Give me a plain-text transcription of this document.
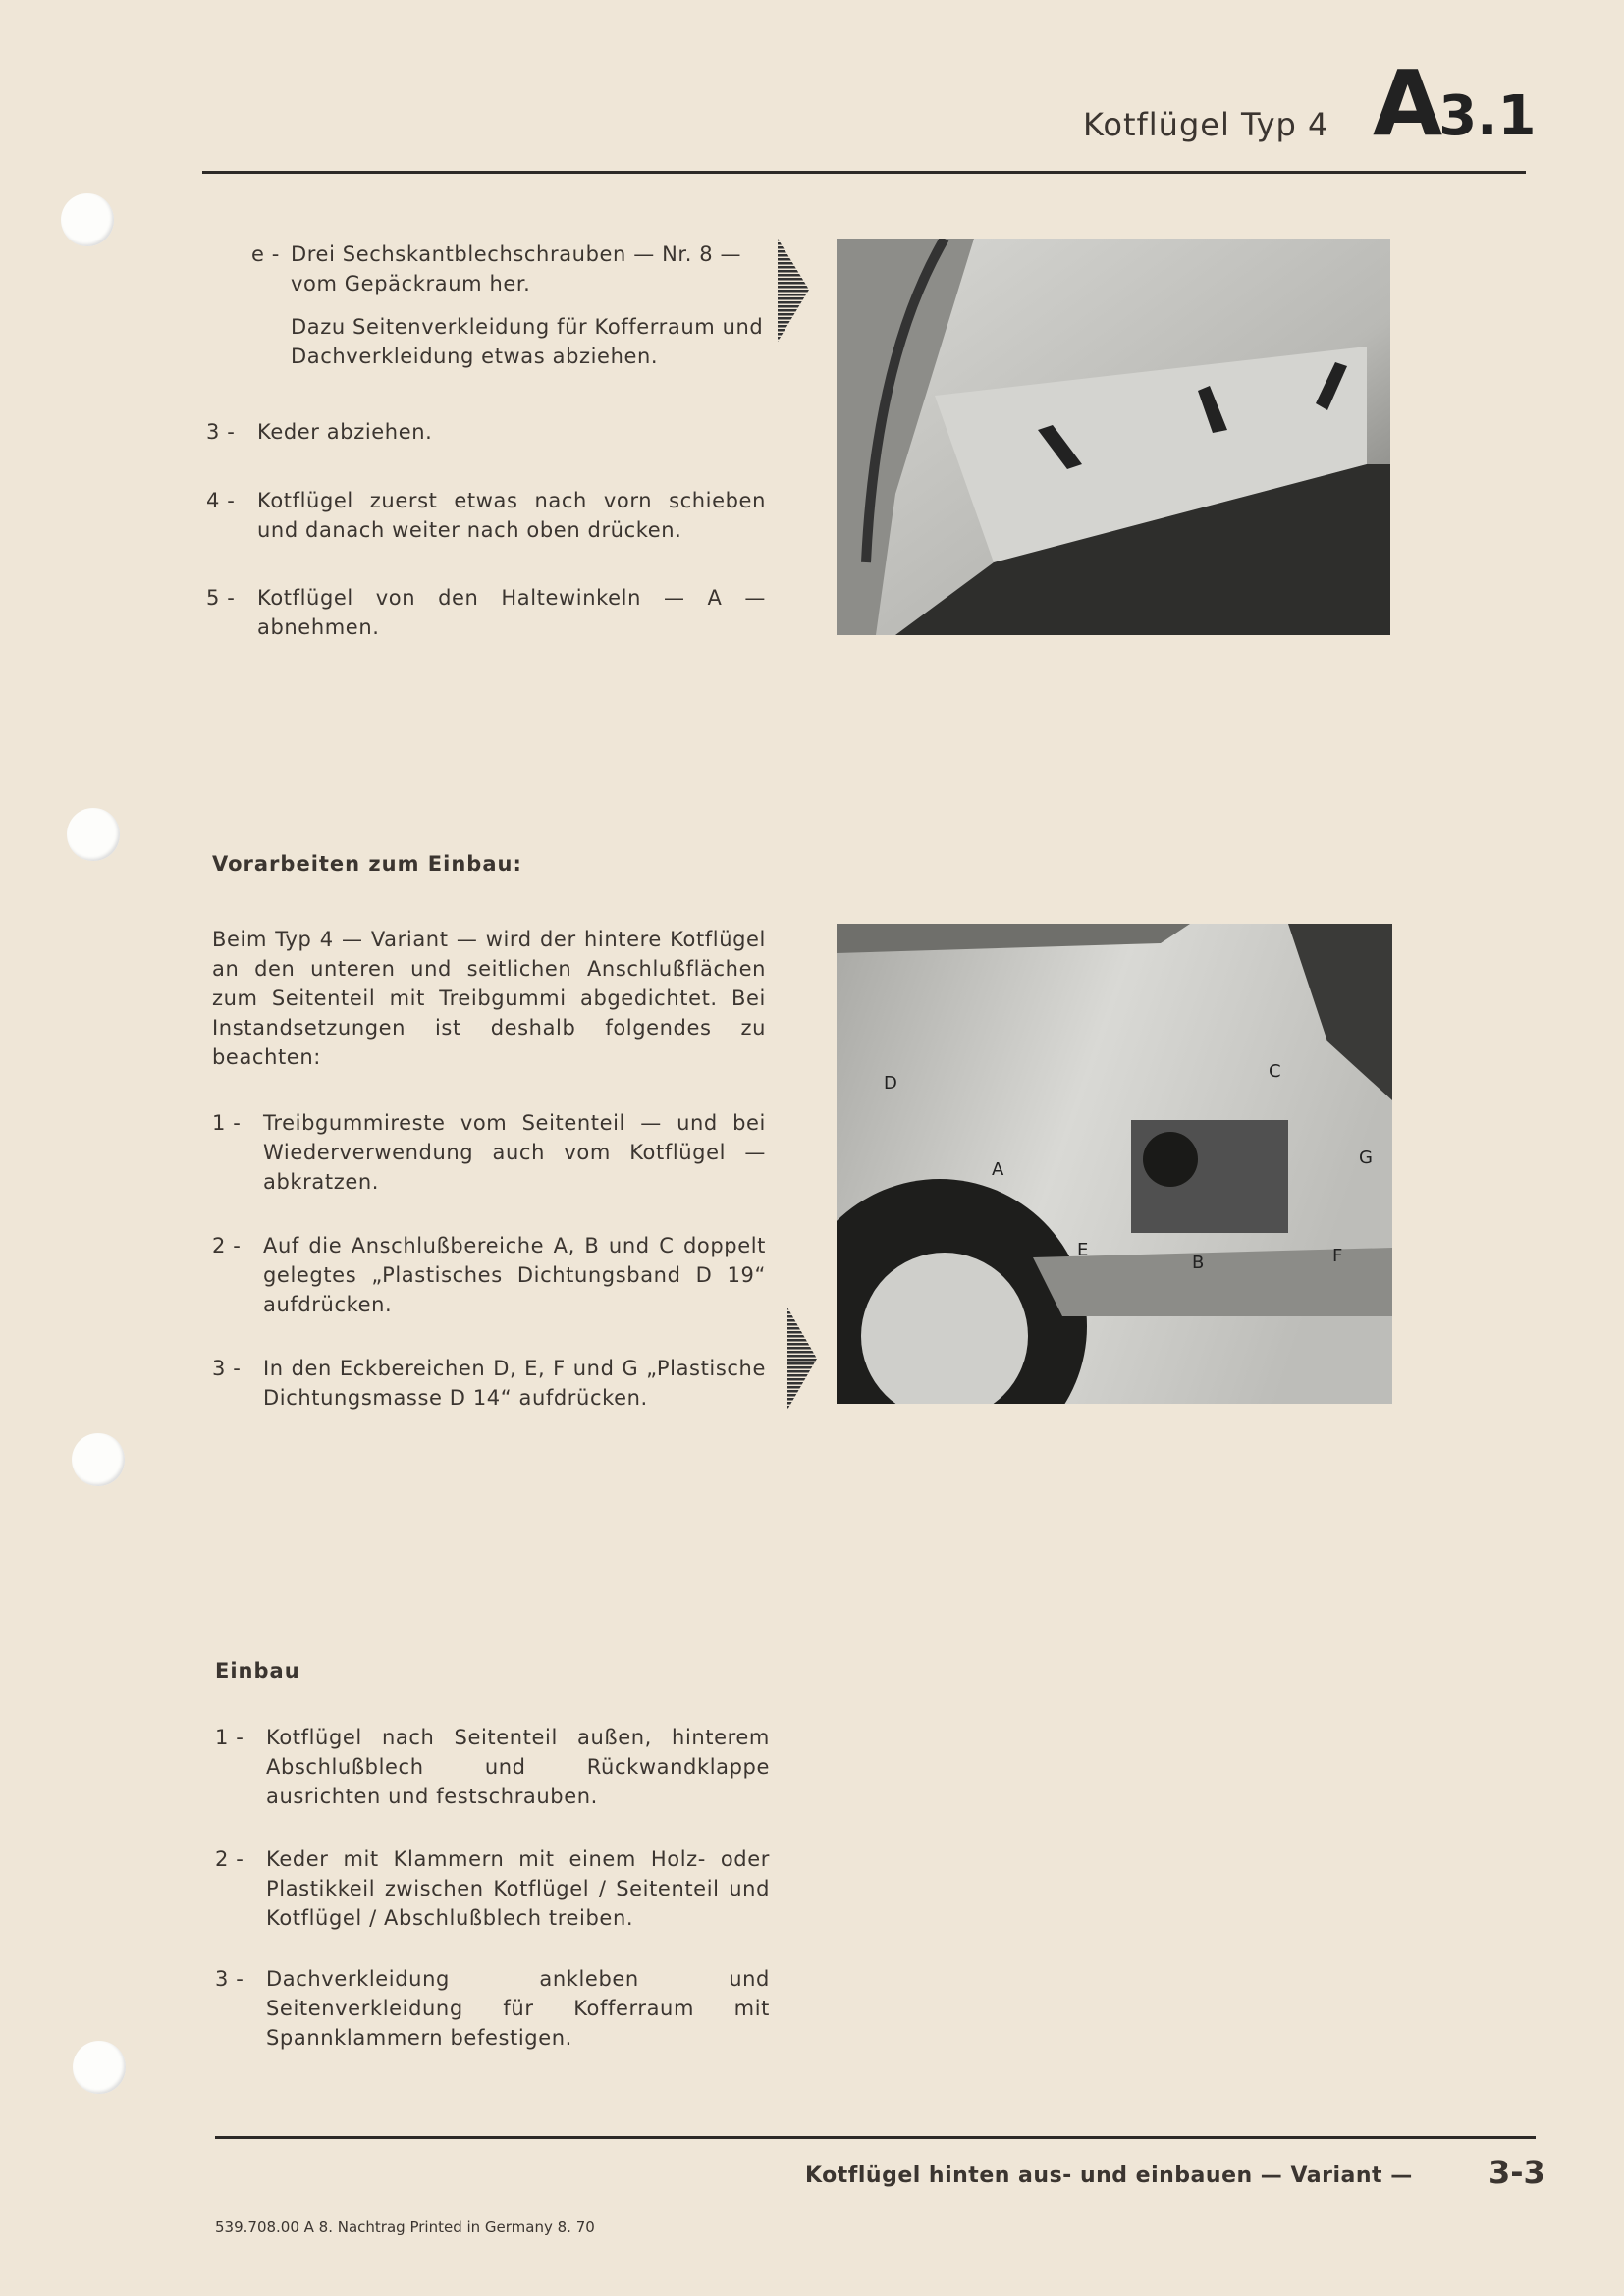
Kotflügel Typ 4 A3.1
e - Drei Sechskantblechschrauben — Nr. 8 — vom Gepäckraum her.
Dazu Seitenverkleidung für Kofferraum und Dachverkleidung etwas abziehen.
3 -	Keder abziehen.
4 -	Kotflügel zuerst etwas nach vorn schieben und danach weiter nach oben drücken.
5 -	Kotflügel von den Haltewinkeln — A — abnehmen.
Vorarbeiten zum Einbau:
Beim Typ 4 — Variant — wird der hintere Kotflügel an den unteren und seitlichen Anschlußflächen zum Seitenteil mit Treibgummi abgedichtet. Bei Instandsetzungen ist deshalb folgendes zu beachten:
1 -	Treibgummireste vom Seitenteil — und bei Wiederverwendung auch vom Kotflügel — abkratzen.
2 -	Auf die Anschlußbereiche A, B und C doppelt gelegtes „Plastisches Dichtungsband D 19“ aufdrücken.
3 -	In den Eckbereichen D, E, F und G „Plastische Dichtungsmasse D 14“ aufdrücken.
D
A
C
E
B	F
G
Einbau
1 -	Kotflügel nach Seitenteil außen, hinterem Abschlußblech und Rückwandklappe ausrichten und festschrauben.
2 -	Keder mit Klammern mit einem Holz- oder Plastikkeil zwischen Kotflügel / Seitenteil und Kotflügel / Abschlußblech treiben.
3 -	Dachverkleidung ankleben und Seitenverkleidung für Kofferraum mit Spannklammern befestigen.
Kotflügel hinten aus- und einbauen — Variant — 3-3
539.708.00 A 8. Nachtrag Printed in Germany 8. 70
